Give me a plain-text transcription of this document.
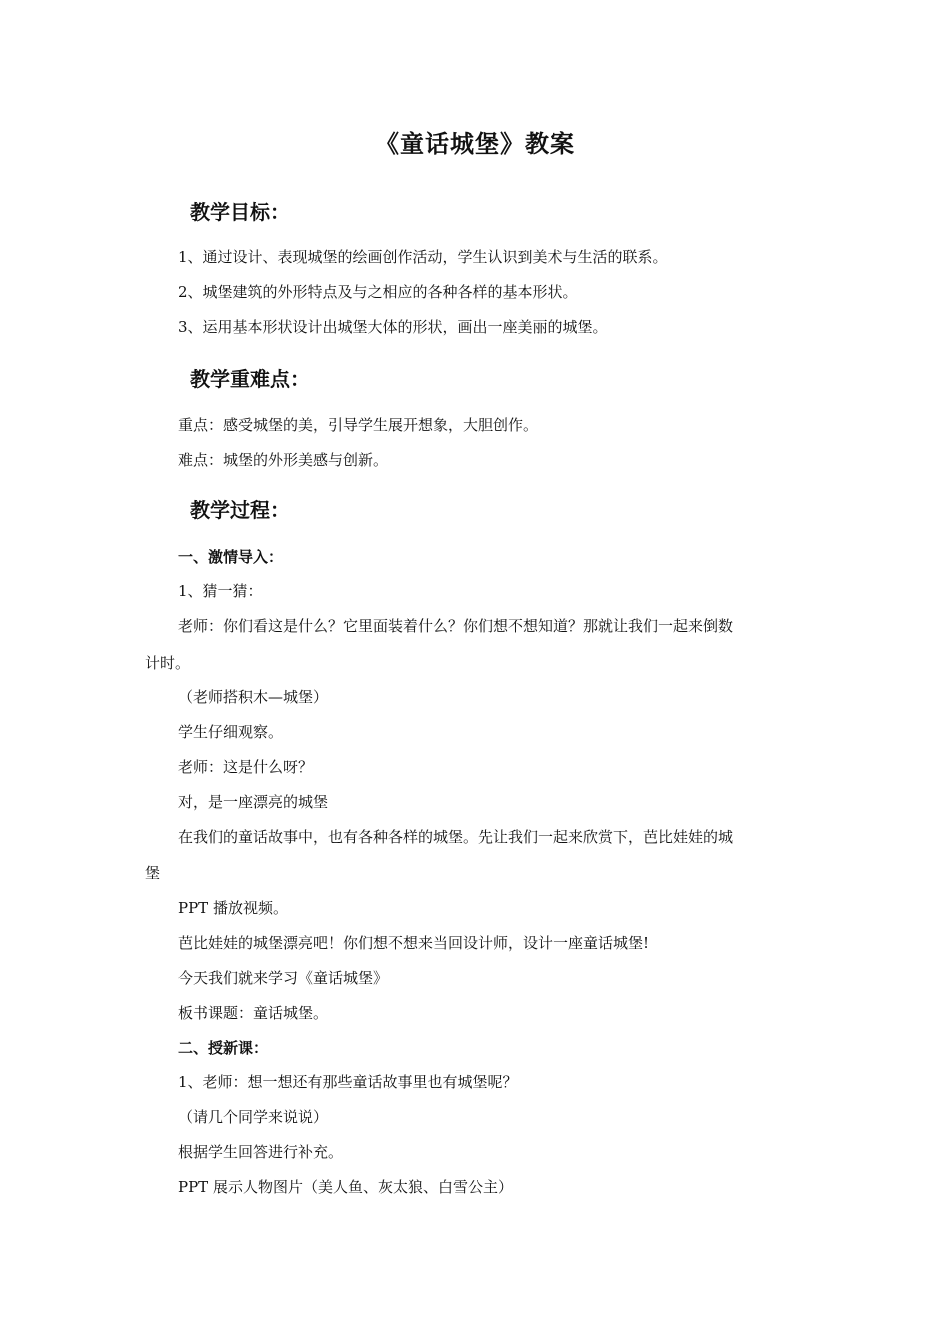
《童话城堡》教案
教学目标：
1、通过设计、表现城堡的绘画创作活动，学生认识到美术与生活的联系。
2、城堡建筑的外形特点及与之相应的各种各样的基本形状。
3、运用基本形状设计出城堡大体的形状，画出一座美丽的城堡。
教学重难点：
重点：感受城堡的美，引导学生展开想象，大胆创作。
难点：城堡的外形美感与创新。
教学过程：
一、激情导入：
1、猜一猜：
老师：你们看这是什么？它里面装着什么？你们想不想知道？那就让我们一起来倒数
计时。
（老师搭积木—城堡）
学生仔细观察。
老师：这是什么呀？
对，是一座漂亮的城堡
在我们的童话故事中，也有各种各样的城堡。先让我们一起来欣赏下，芭比娃娃的城
堡
PPT 播放视频。
芭比娃娃的城堡漂亮吧！你们想不想来当回设计师，设计一座童话城堡!
今天我们就来学习《童话城堡》
板书课题：童话城堡。
二、授新课：
1、老师：想一想还有那些童话故事里也有城堡呢？
（请几个同学来说说）
根据学生回答进行补充。
PPT 展示人物图片（美人鱼、灰太狼、白雪公主）
